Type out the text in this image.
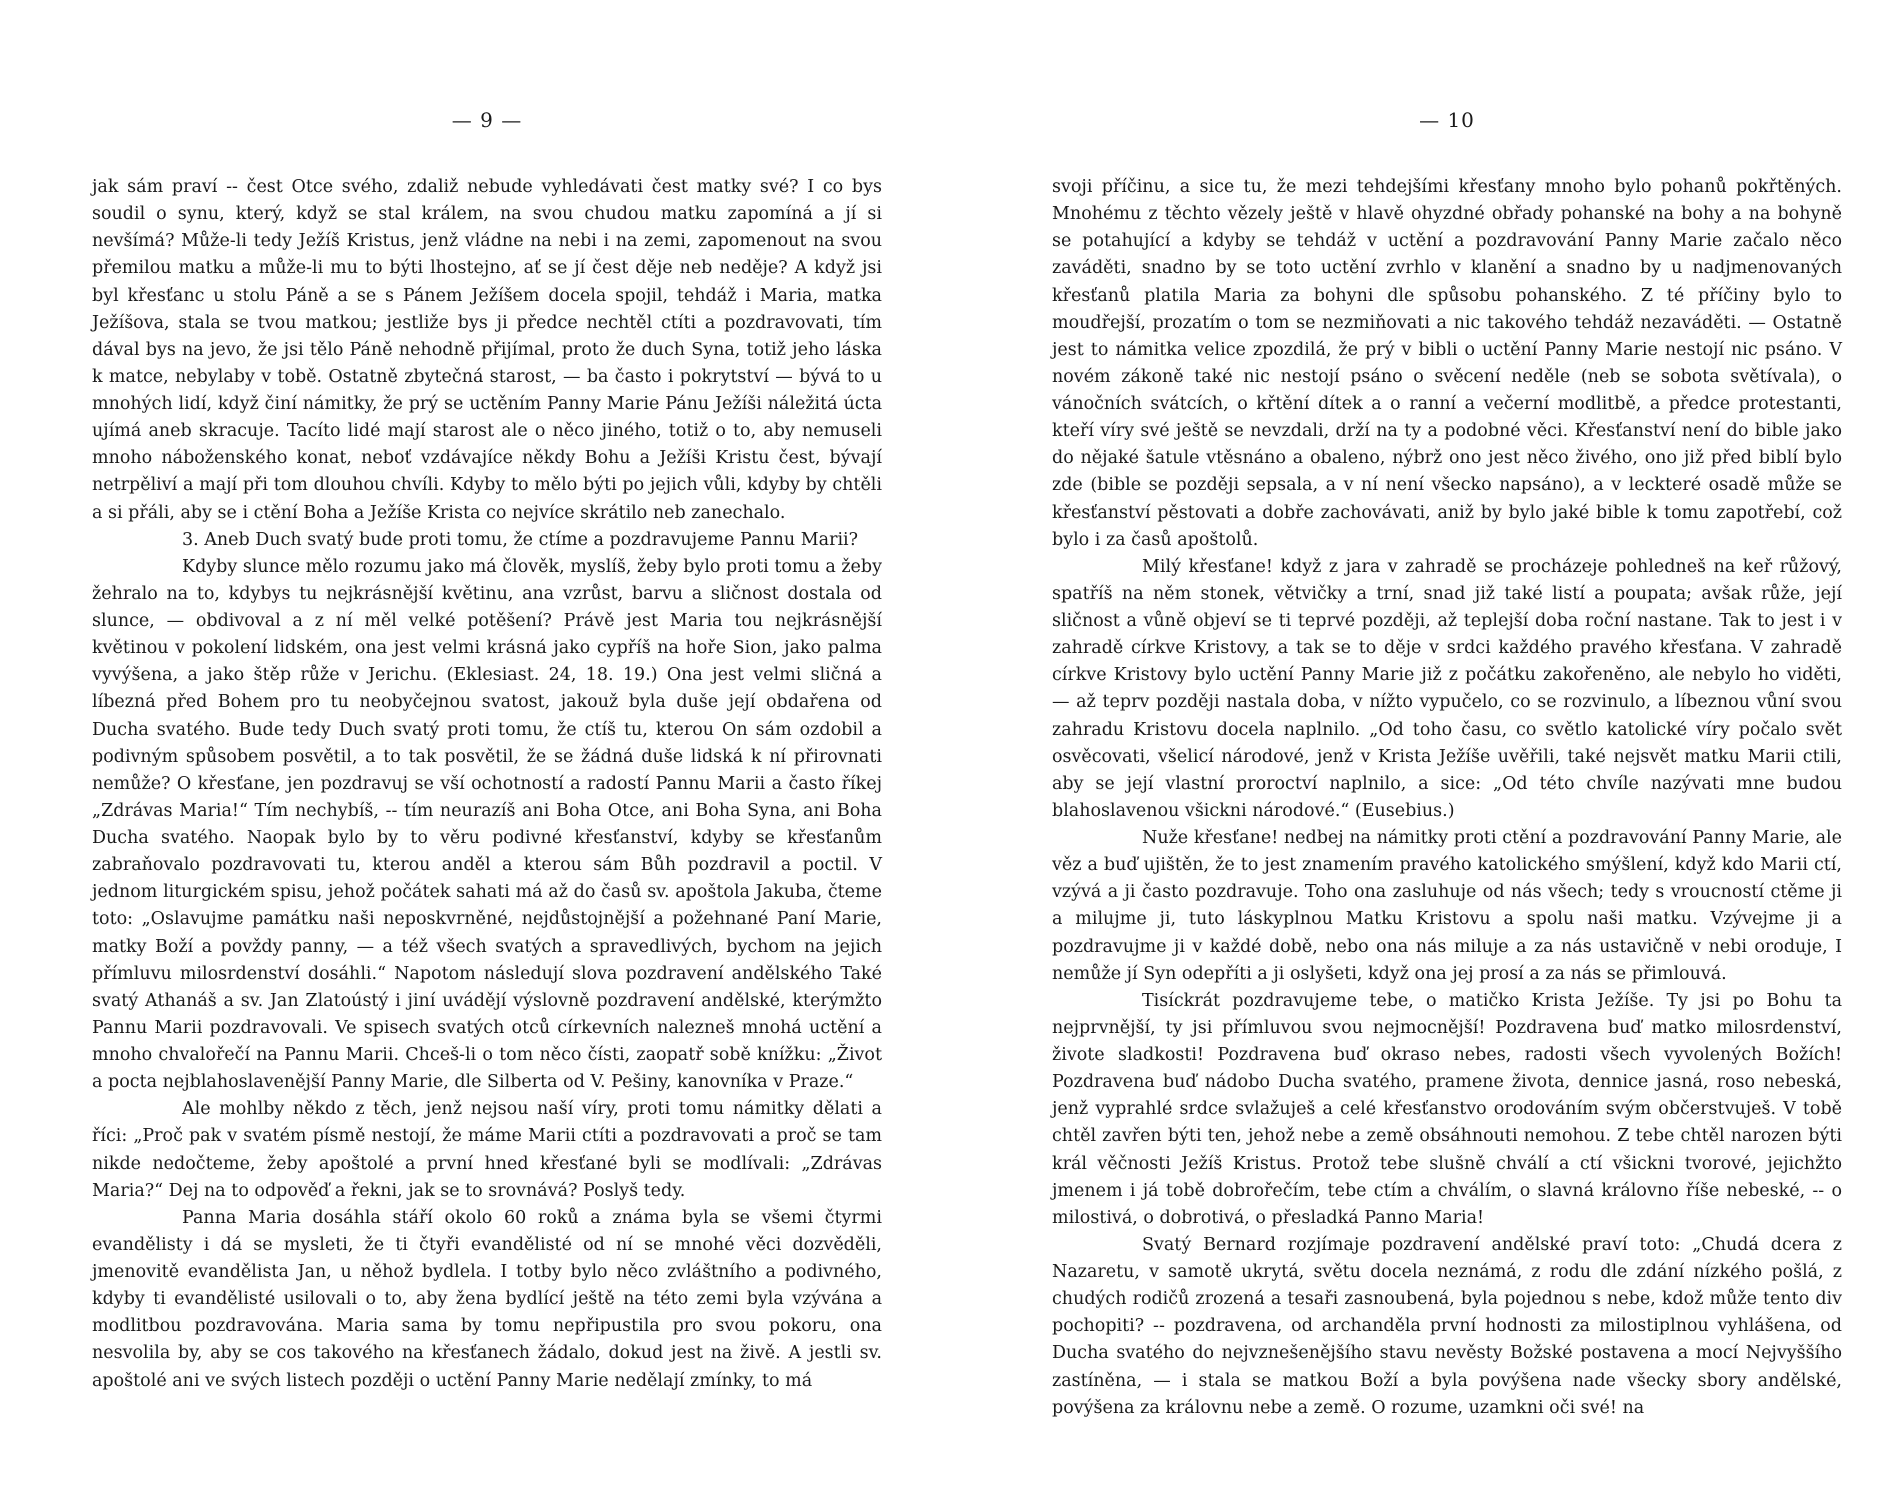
— 9 —

jak sám praví -- čest Otce svého, zdaliž nebude vyhledávati čest matky své? I co bys soudil o synu, který, když se stal králem, na svou chudou matku zapomíná a jí si nevšímá? Může-li tedy Ježíš Kristus, jenž vládne na nebi i na zemi, zapomenout na svou přemilou matku a může-li mu to býti lhostejno, ať se jí čest děje neb neděje? A když jsi byl křesťanc u stolu Páně a se s Pánem Ježíšem docela spojil, tehdáž i Maria, matka Ježíšova, stala se tvou matkou; jestliže bys ji předce nechtěl ctíti a pozdravovati, tím dával bys na jevo, že jsi tělo Páně nehodně přijímal, proto že duch Syna, totiž jeho láska k matce, nebylaby v tobě. Ostatně zbytečná starost, — ba často i pokrytství — bývá to u mnohých lidí, když činí námitky, že prý se uctěním Panny Marie Pánu Ježíši náležitá úcta ujímá aneb skracuje. Tacíto lidé mají starost ale o něco jiného, totiž o to, aby nemuseli mnoho náboženského konat, neboť vzdávajíce někdy Bohu a Ježíši Kristu čest, bývají netrpěliví a mají při tom dlouhou chvíli. Kdyby to mělo býti po jejich vůli, kdyby by chtěli a si přáli, aby se i ctění Boha a Ježíše Krista co nejvíce skrátilo neb zanechalo.

3. Aneb Duch svatý bude proti tomu, že ctíme a pozdravujeme Pannu Marii?

Kdyby slunce mělo rozumu jako má člověk, myslíš, žeby bylo proti tomu a žeby žehralo na to, kdybys tu nejkrásnější květinu, ana vzrůst, barvu a sličnost dostala od slunce, — obdivoval a z ní měl velké potěšení? Právě jest Maria tou nejkrásnější květinou v pokolení lidském, ona jest velmi krásná jako cypříš na hoře Sion, jako palma vyvýšena, a jako štěp růže v Jerichu. (Eklesiast. 24, 18. 19.) Ona jest velmi sličná a líbezná před Bohem pro tu neobyčejnou svatost, jakouž byla duše její obdařena od Ducha svatého. Bude tedy Duch svatý proti tomu, že ctíš tu, kterou On sám ozdobil a podivným spůsobem posvětil, a to tak posvětil, že se žádná duše lidská k ní přirovnati nemůže? O křesťane, jen pozdravuj se vší ochotností a radostí Pannu Marii a často říkej „Zdrávas Maria!“ Tím nechybíš, -- tím neurazíš ani Boha Otce, ani Boha Syna, ani Boha Ducha svatého. Naopak bylo by to věru podivné křesťanství, kdyby se křesťanům zabraňovalo pozdravovati tu, kterou anděl a kterou sám Bůh pozdravil a poctil. V jednom liturgickém spisu, jehož počátek sahati má až do časů sv. apoštola Jakuba, čteme toto: „Oslavujme památku naši neposkvrněné, nejdůstojnější a požehnané Paní Marie, matky Boží a povždy panny, — a též všech svatých a spravedlivých, bychom na jejich přímluvu milosrdenství dosáhli.“ Napotom následují slova pozdravení andělského Také svatý Athanáš a sv. Jan Zlatoústý i jiní uvádějí výslovně pozdravení andělské, kterýmžto Pannu Marii pozdravovali. Ve spisech svatých otců církevních nalezneš mnohá uctění a mnoho chvalořečí na Pannu Marii. Chceš-li o tom něco čísti, zaopatř sobě knížku: „Život a pocta nejblahoslavenější Panny Marie, dle Silberta od V. Pešiny, kanovníka v Praze.“

Ale mohlby někdo z těch, jenž nejsou naší víry, proti tomu námitky dělati a říci: „Proč pak v svatém písmě nestojí, že máme Marii ctíti a pozdravovati a proč se tam nikde nedočteme, žeby apoštolé a první hned křesťané byli se modlívali: „Zdrávas Maria?“ Dej na to odpověď a řekni, jak se to srovnává? Poslyš tedy.

Panna Maria dosáhla stáří okolo 60 roků a známa byla se všemi čtyrmi evandělisty i dá se mysleti, že ti čtyři evandělisté od ní se mnohé věci dozvěděli, jmenovitě evandělista Jan, u něhož bydlela. I totby bylo něco zvláštního a podivného, kdyby ti evandělisté usilovali o to, aby žena bydlící ještě na této zemi byla vzývána a modlitbou pozdravována. Maria sama by tomu nepřipustila pro svou pokoru, ona nesvolila by, aby se cos takového na křesťanech žádalo, dokud jest na živě. A jestli sv. apoštolé ani ve svých listech později o uctění Panny Marie nedělají zmínky, to má

— 10

svoji příčinu, a sice tu, že mezi tehdejšími křesťany mnoho bylo pohanů pokřtěných. Mnohému z těchto vězely ještě v hlavě ohyzdné obřady pohanské na bohy a na bohyně se potahující a kdyby se tehdáž v uctění a pozdravování Panny Marie začalo něco zaváděti, snadno by se toto uctění zvrhlo v klanění a snadno by u nadjmenovaných křesťanů platila Maria za bohyni dle spůsobu pohanského. Z té příčiny bylo to moudřejší, prozatím o tom se nezmiňovati a nic takového tehdáž nezaváděti. — Ostatně jest to námitka velice zpozdilá, že prý v bibli o uctění Panny Marie nestojí nic psáno. V novém zákoně také nic nestojí psáno o svěcení neděle (neb se sobota světívala), o vánočních svátcích, o křtění dítek a o ranní a večerní modlitbě, a předce protestanti, kteří víry své ještě se nevzdali, drží na ty a podobné věci. Křesťanství není do bible jako do nějaké šatule vtěsnáno a obaleno, nýbrž ono jest něco živého, ono již před biblí bylo zde (bible se později sepsala, a v ní není všecko napsáno), a v leckteré osadě může se křesťanství pěstovati a dobře zachovávati, aniž by bylo jaké bible k tomu zapotřebí, což bylo i za časů apoštolů.

Milý křesťane! když z jara v zahradě se procházeje pohledneš na keř růžový, spatříš na něm stonek, větvičky a trní, snad již také listí a poupata; avšak růže, její sličnost a vůně objeví se ti teprvé později, až teplejší doba roční nastane. Tak to jest i v zahradě církve Kristovy, a tak se to děje v srdci každého pravého křesťana. V zahradě církve Kristovy bylo uctění Panny Marie již z počátku zakořeněno, ale nebylo ho viděti, — až teprv později nastala doba, v nížto vypučelo, co se rozvinulo, a líbeznou vůní svou zahradu Kristovu docela naplnilo. „Od toho času, co světlo katolické víry počalo svět osvěcovati, všelicí národové, jenž v Krista Ježíše uvěřili, také nejsvět matku Marii ctili, aby se její vlastní proroctví naplnilo, a sice: „Od této chvíle nazývati mne budou blahoslavenou všickni národové.“ (Eusebius.)

Nuže křesťane! nedbej na námitky proti ctění a pozdravování Panny Marie, ale věz a buď ujištěn, že to jest znamením pravého katolického smýšlení, když kdo Marii ctí, vzývá a ji často pozdravuje. Toho ona zasluhuje od nás všech; tedy s vroucností ctěme ji a milujme ji, tuto láskyplnou Matku Kristovu a spolu naši matku. Vzývejme ji a pozdravujme ji v každé době, nebo ona nás miluje a za nás ustavičně v nebi oroduje, I nemůže jí Syn odepříti a ji oslyšeti, když ona jej prosí a za nás se přimlouvá.

Tisíckrát pozdravujeme tebe, o matičko Krista Ježíše. Ty jsi po Bohu ta nejprvnější, ty jsi přímluvou svou nejmocnější! Pozdravena buď matko milosrdenství, živote sladkosti! Pozdravena buď okraso nebes, radosti všech vyvolených Božích! Pozdravena buď nádobo Ducha svatého, pramene života, dennice jasná, roso nebeská, jenž vyprahlé srdce svlažuješ a celé křesťanstvo orodováním svým občerstvuješ. V tobě chtěl zavřen býti ten, jehož nebe a země obsáhnouti nemohou. Z tebe chtěl narozen býti král věčnosti Ježíš Kristus. Protož tebe slušně chválí a ctí všickni tvorové, jejichžto jmenem i já tobě dobrořečím, tebe ctím a chválím, o slavná královno říše nebeské, -- o milostivá, o dobrotivá, o přesladká Panno Maria!

Svatý Bernard rozjímaje pozdravení andělské praví toto: „Chudá dcera z Nazaretu, v samotě ukrytá, světu docela neznámá, z rodu dle zdání nízkého pošlá, z chudých rodičů zrozená a tesaři zasnoubená, byla pojednou s nebe, kdož může tento div pochopiti? -- pozdravena, od archanděla první hodnosti za milostiplnou vyhlášena, od Ducha svatého do nejvznešenějšího stavu nevěsty Božské postavena a mocí Nejvyššího zastíněna, — i stala se matkou Boží a byla povýšena nade všecky sbory andělské, povýšena za královnu nebe a země. O rozume, uzamkni oči své! na
